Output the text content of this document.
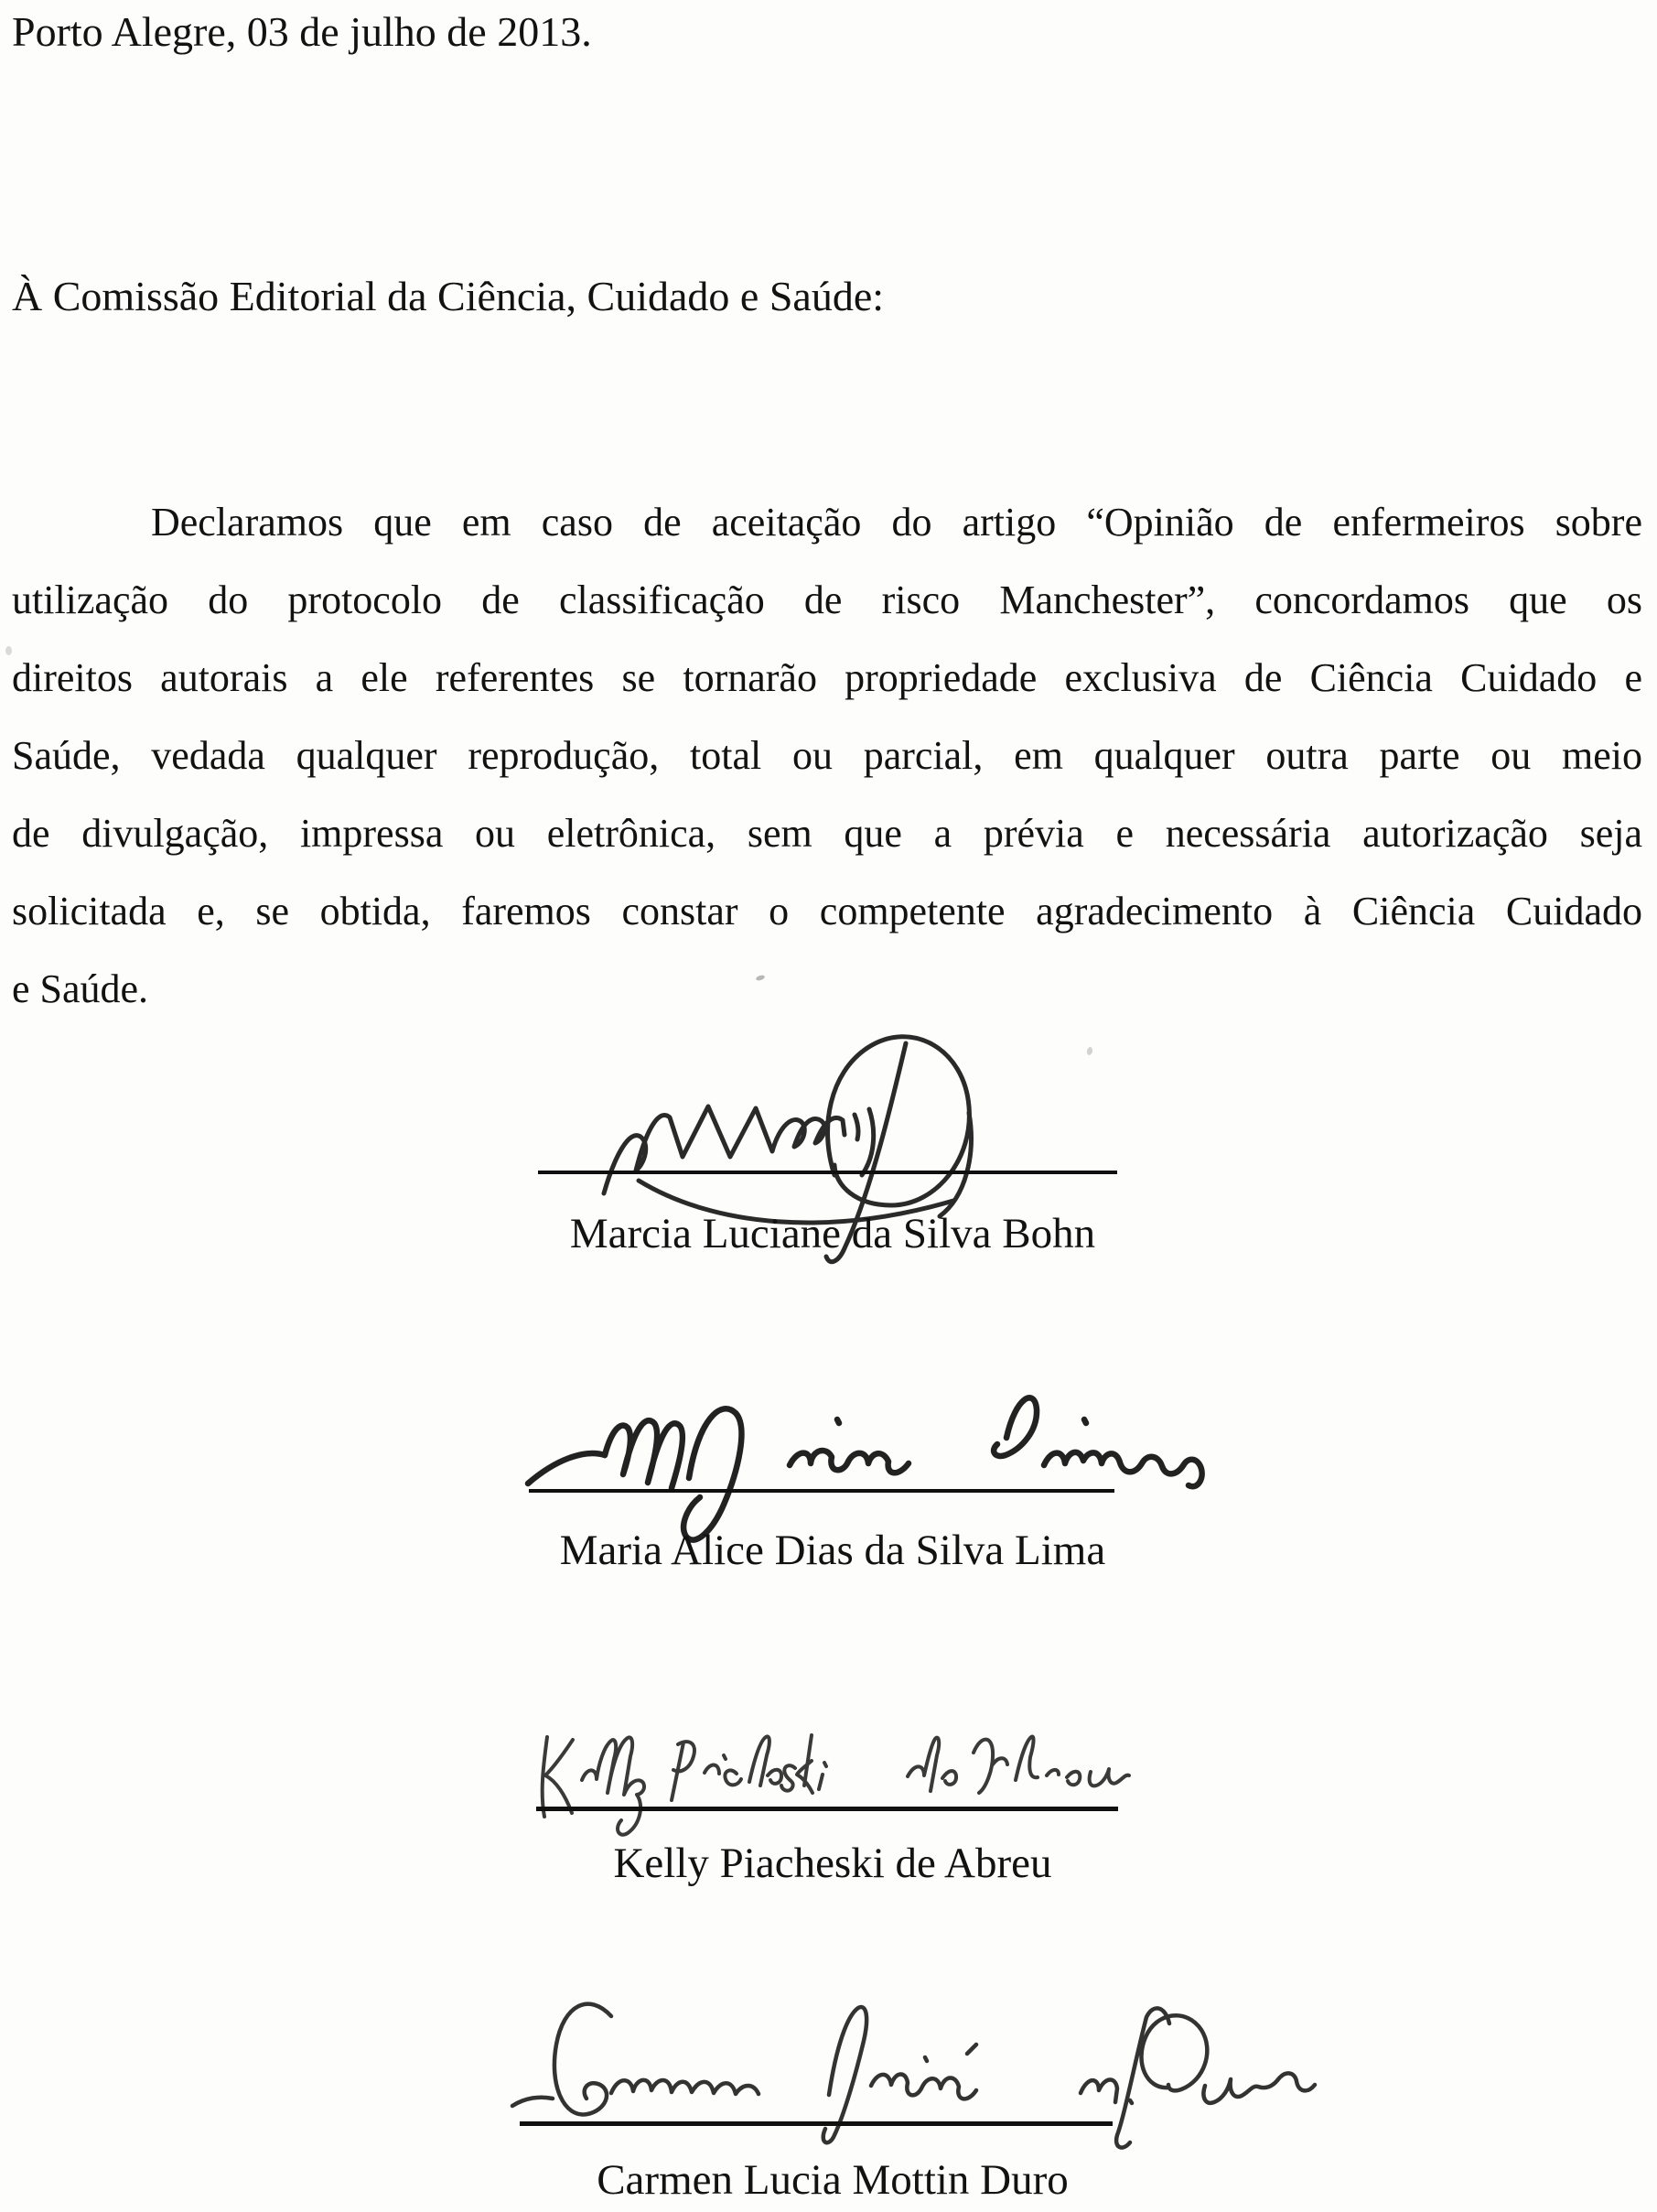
Porto Alegre, 03 de julho de 2013.
À Comissão Editorial da Ciência, Cuidado e Saúde:
Declaramos que em caso de aceitação do artigo “Opinião de enfermeiros sobre
utilização do protocolo de classificação de risco Manchester”, concordamos que os
direitos autorais a ele referentes se tornarão propriedade exclusiva de Ciência Cuidado e
Saúde, vedada qualquer reprodução, total ou parcial, em qualquer outra parte ou meio
de divulgação, impressa ou eletrônica, sem que a prévia e necessária autorização seja
solicitada e, se obtida, faremos constar o competente agradecimento à Ciência Cuidado
e Saúde.
Marcia Luciane da Silva Bohn
Maria Alice Dias da Silva Lima
Kelly Piacheski de Abreu
Carmen Lucia Mottin Duro
